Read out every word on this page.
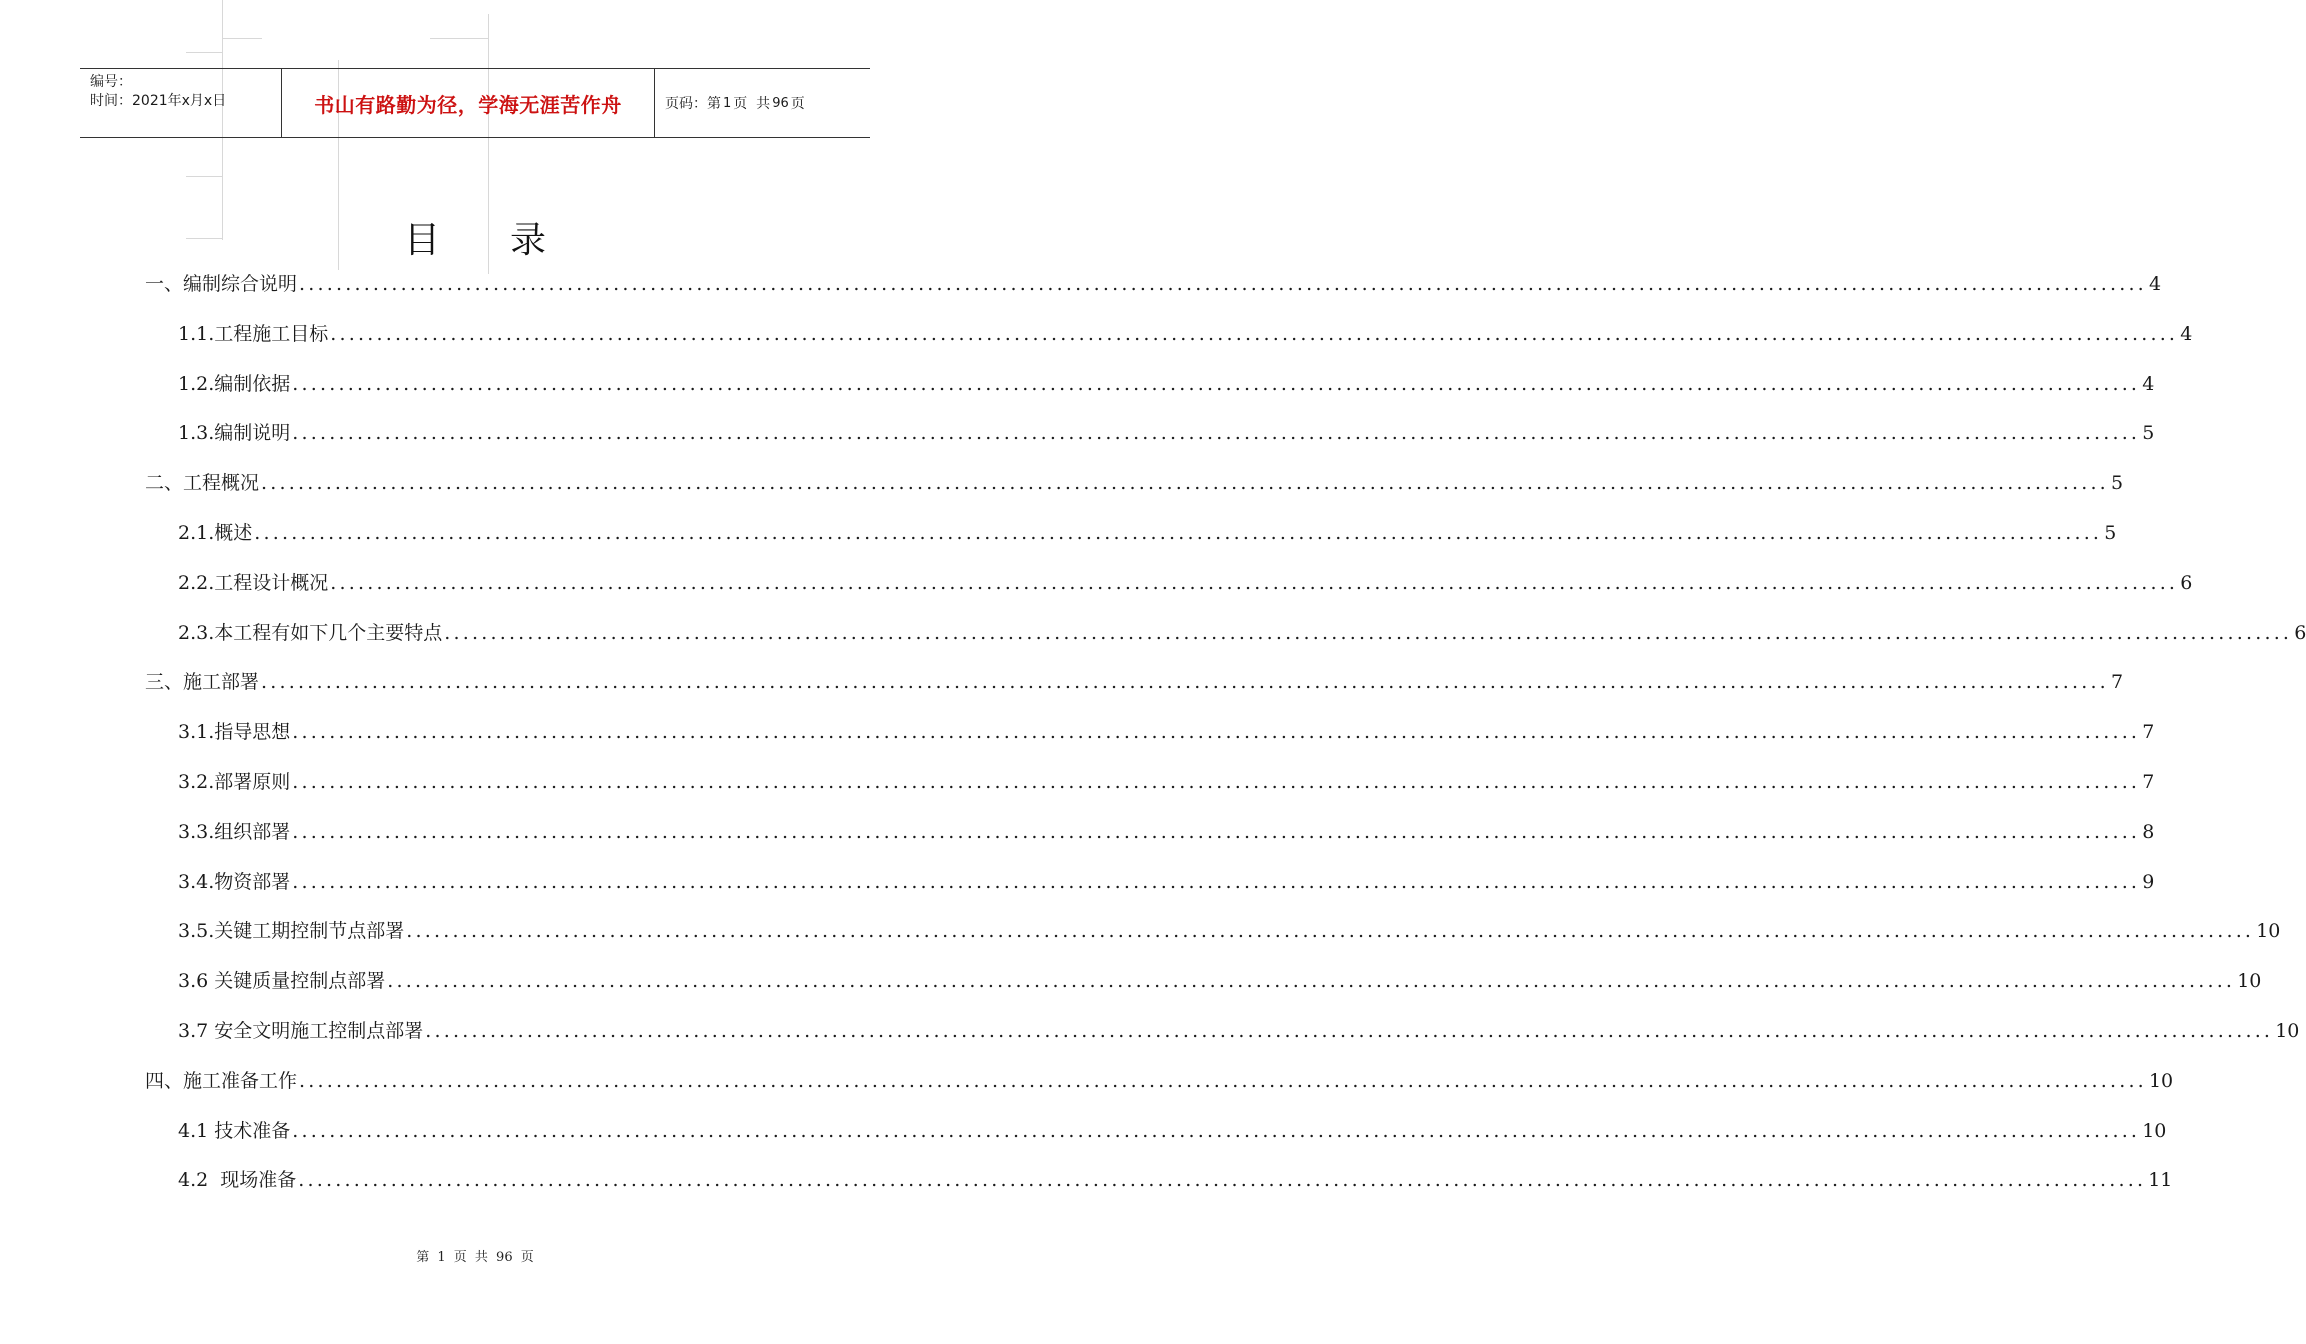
编号：
时间：2021年x月x日	书山有路勤为径，学海无涯苦作舟	页码：第 1 页  共 96 页
目录
一、编制综合说明 ........................................................................................................................................................................................................ 4
1.1.工程施工目标 ........................................................................................................................................................................................................ 4
1.2.编制依据 ........................................................................................................................................................................................................ 4
1.3.编制说明 ........................................................................................................................................................................................................ 5
二、工程概况 ........................................................................................................................................................................................................ 5
2.1.概述 ........................................................................................................................................................................................................ 5
2.2.工程设计概况 ........................................................................................................................................................................................................ 6
2.3.本工程有如下几个主要特点 ........................................................................................................................................................................................................ 6
三、施工部署 ........................................................................................................................................................................................................ 7
3.1.指导思想 ........................................................................................................................................................................................................ 7
3.2.部署原则 ........................................................................................................................................................................................................ 7
3.3.组织部署 ........................................................................................................................................................................................................ 8
3.4.物资部署 ........................................................................................................................................................................................................ 9
3.5.关键工期控制节点部署 ........................................................................................................................................................................................................ 10
3.6 关键质量控制点部署 ........................................................................................................................................................................................................ 10
3.7 安全文明施工控制点部署 ........................................................................................................................................................................................................ 10
四、施工准备工作 ........................................................................................................................................................................................................ 10
4.1 技术准备 ........................................................................................................................................................................................................ 10
4.2  现场准备 ........................................................................................................................................................................................................ 11
第 1 页 共 96 页
